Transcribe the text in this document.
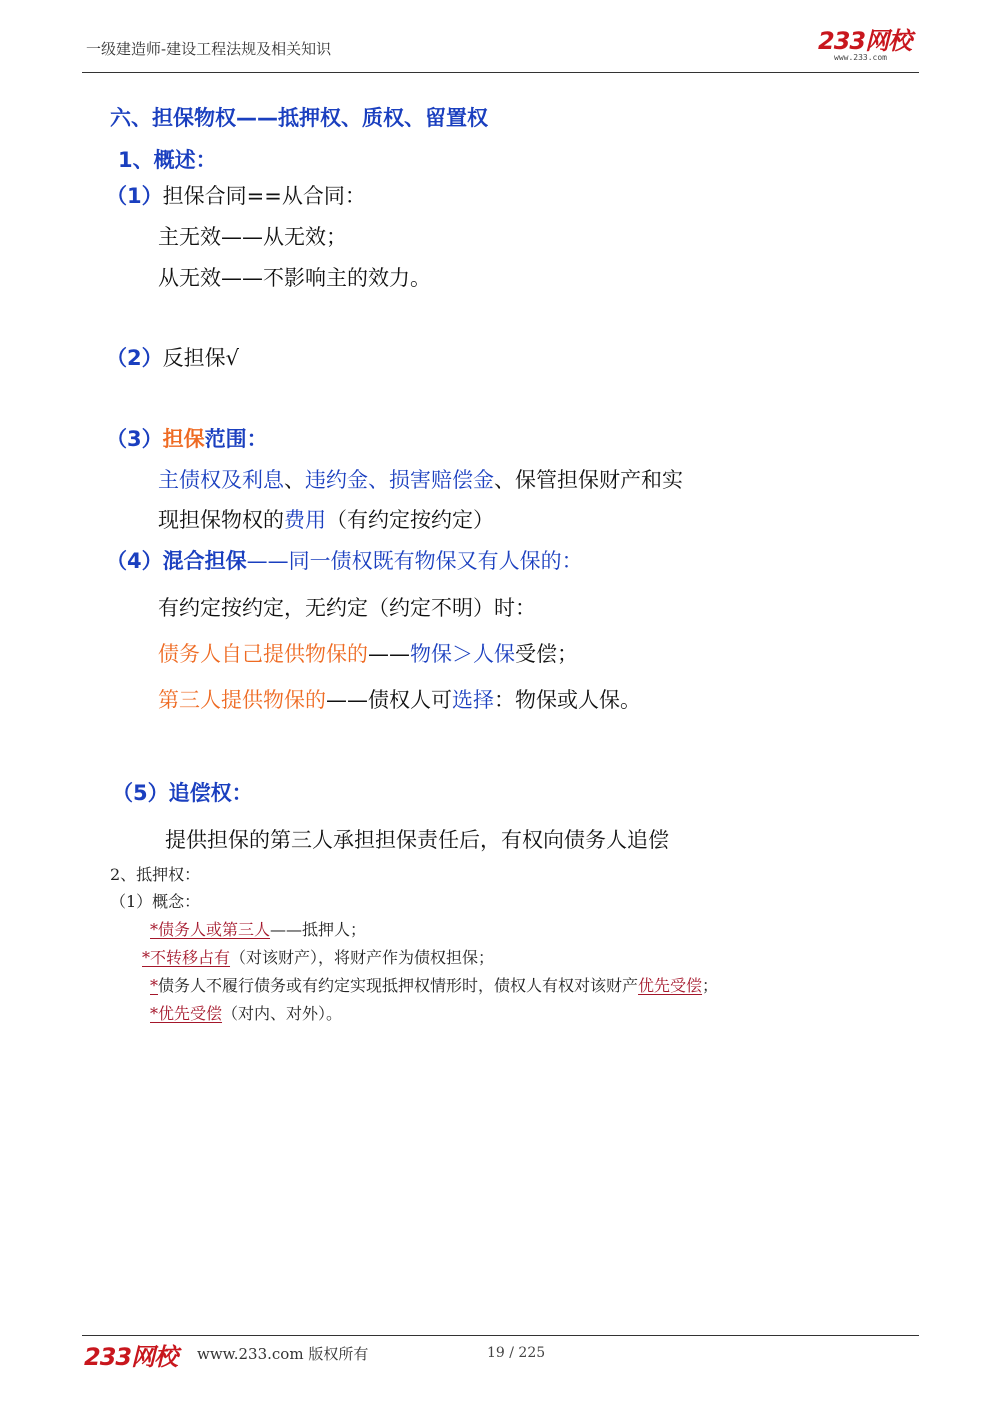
一级建造师-建设工程法规及相关知识	233网校
www.233.com
六、担保物权——抵押权、质权、留置权
1、概述：
（1）担保合同==从合同：
主无效——从无效；
从无效——不影响主的效力。
（2）反担保√
（3）担保范围：
主债权及利息、违约金、损害赔偿金、保管担保财产和实
现担保物权的费用（有约定按约定）
（4）混合担保——同一债权既有物保又有人保的：
有约定按约定，无约定（约定不明）时：
债务人自己提供物保的——物保＞人保受偿；
第三人提供物保的——债权人可选择：物保或人保。
（5）追偿权：
提供担保的第三人承担担保责任后，有权向债务人追偿
2、抵押权：
（1）概念：
*债务人或第三人——抵押人；
*不转移占有（对该财产），将财产作为债权担保；
*债务人不履行债务或有约定实现抵押权情形时，债权人有权对该财产优先受偿；
*优先受偿（对内、对外）。
233网校 www.233.com 版权所有	19 / 225
